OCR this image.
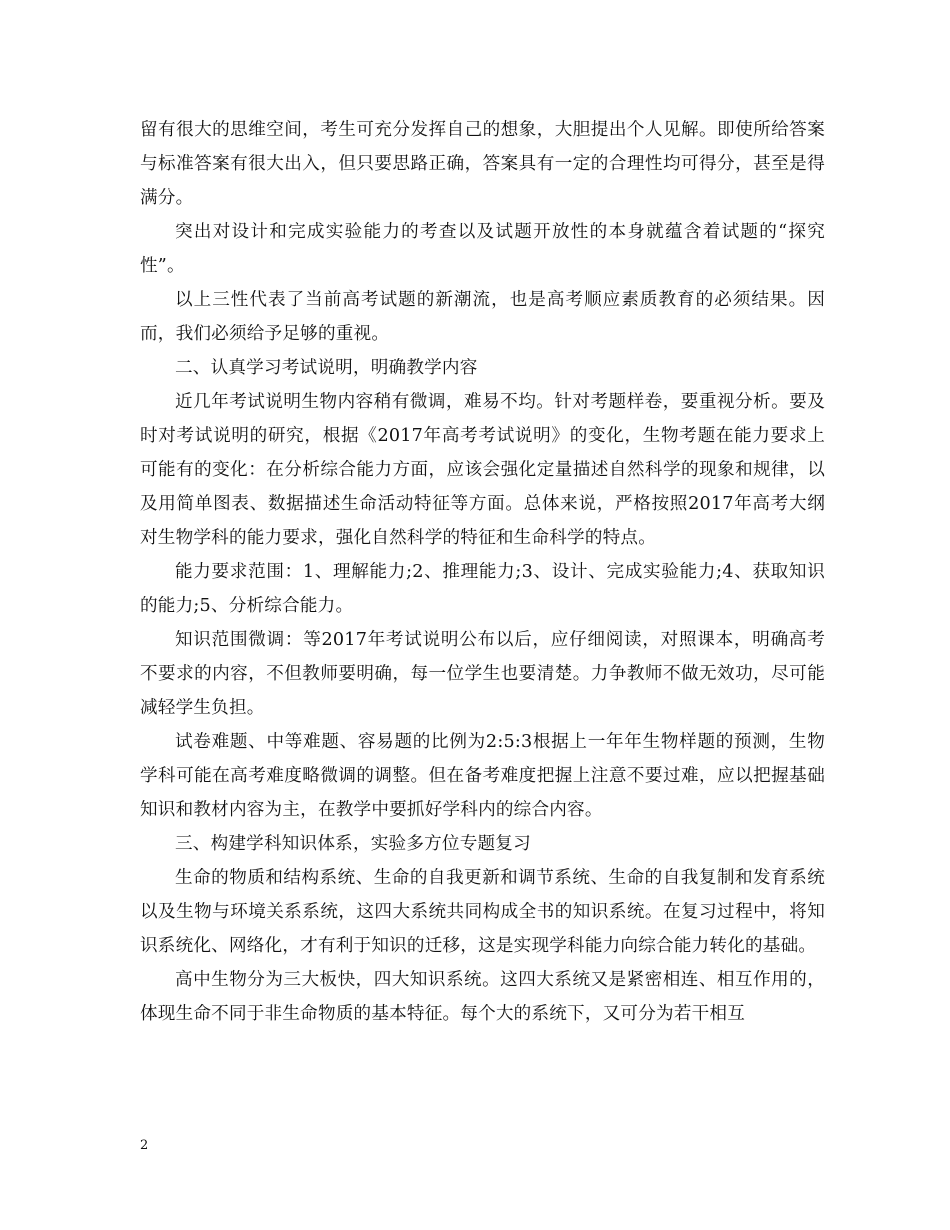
留有很大的思维空间，考生可充分发挥自己的想象，大胆提出个人见解。即使所给答案与标准答案有很大出入，但只要思路正确，答案具有一定的合理性均可得分，甚至是得满分。

突出对设计和完成实验能力的考查以及试题开放性的本身就蕴含着试题的“探究性”。

以上三性代表了当前高考试题的新潮流，也是高考顺应素质教育的必须结果。因而，我们必须给予足够的重视。

二、认真学习考试说明，明确教学内容

近几年考试说明生物内容稍有微调，难易不均。针对考题样卷，要重视分析。要及时对考试说明的研究，根据《2017年高考考试说明》的变化，生物考题在能力要求上可能有的变化：在分析综合能力方面，应该会强化定量描述自然科学的现象和规律，以及用简单图表、数据描述生命活动特征等方面。总体来说，严格按照2017年高考大纲对生物学科的能力要求，强化自然科学的特征和生命科学的特点。

能力要求范围：1、理解能力;2、推理能力;3、设计、完成实验能力;4、获取知识的能力;5、分析综合能力。

知识范围微调：等2017年考试说明公布以后，应仔细阅读，对照课本，明确高考不要求的内容，不但教师要明确，每一位学生也要清楚。力争教师不做无效功，尽可能减轻学生负担。

试卷难题、中等难题、容易题的比例为2:5:3根据上一年年生物样题的预测，生物学科可能在高考难度略微调的调整。但在备考难度把握上注意不要过难，应以把握基础知识和教材内容为主，在教学中要抓好学科内的综合内容。

三、构建学科知识体系，实验多方位专题复习

生命的物质和结构系统、生命的自我更新和调节系统、生命的自我复制和发育系统以及生物与环境关系系统，这四大系统共同构成全书的知识系统。在复习过程中，将知识系统化、网络化，才有利于知识的迁移，这是实现学科能力向综合能力转化的基础。

高中生物分为三大板快，四大知识系统。这四大系统又是紧密相连、相互作用的，体现生命不同于非生命物质的基本特征。每个大的系统下，又可分为若干相互

2
